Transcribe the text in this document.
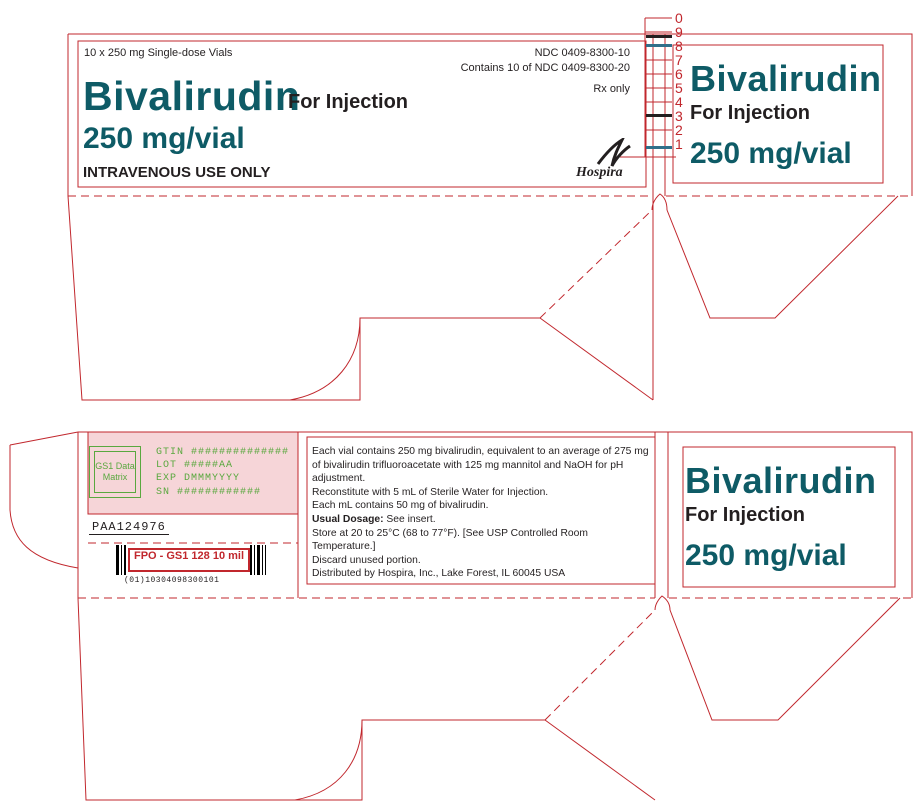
0
9
8
7
6
5
4
3
2
1
10 x 250 mg Single-dose Vials	NDC 0409-8300-10
Contains 10 of NDC 0409-8300-20
Rx only
Bivalirudin
For Injection
250 mg/vial
INTRAVENOUS USE ONLY	Hospira
Bivalirudin
For Injection
250 mg/vial
GS1 Data Matrix
GTIN ##############
LOT #####AA
EXP DMMMYYYY
SN ############
PAA124976
FPO - GS1 128 10 mil
(01)10304098300101

Each vial contains 250 mg bivalirudin, equivalent to an average of 275 mg of bivalirudin trifluoroacetate with 125 mg mannitol and NaOH for pH adjustment.

Reconstitute with 5 mL of Sterile Water for Injection.

Each mL contains 50 mg of bivalirudin.

Usual Dosage: See insert.

Store at 20 to 25°C (68 to 77°F). [See USP Controlled Room Temperature.]

Discard unused portion.

Distributed by Hospira, Inc., Lake Forest, IL 60045 USA

Bivalirudin
For Injection
250 mg/vial
